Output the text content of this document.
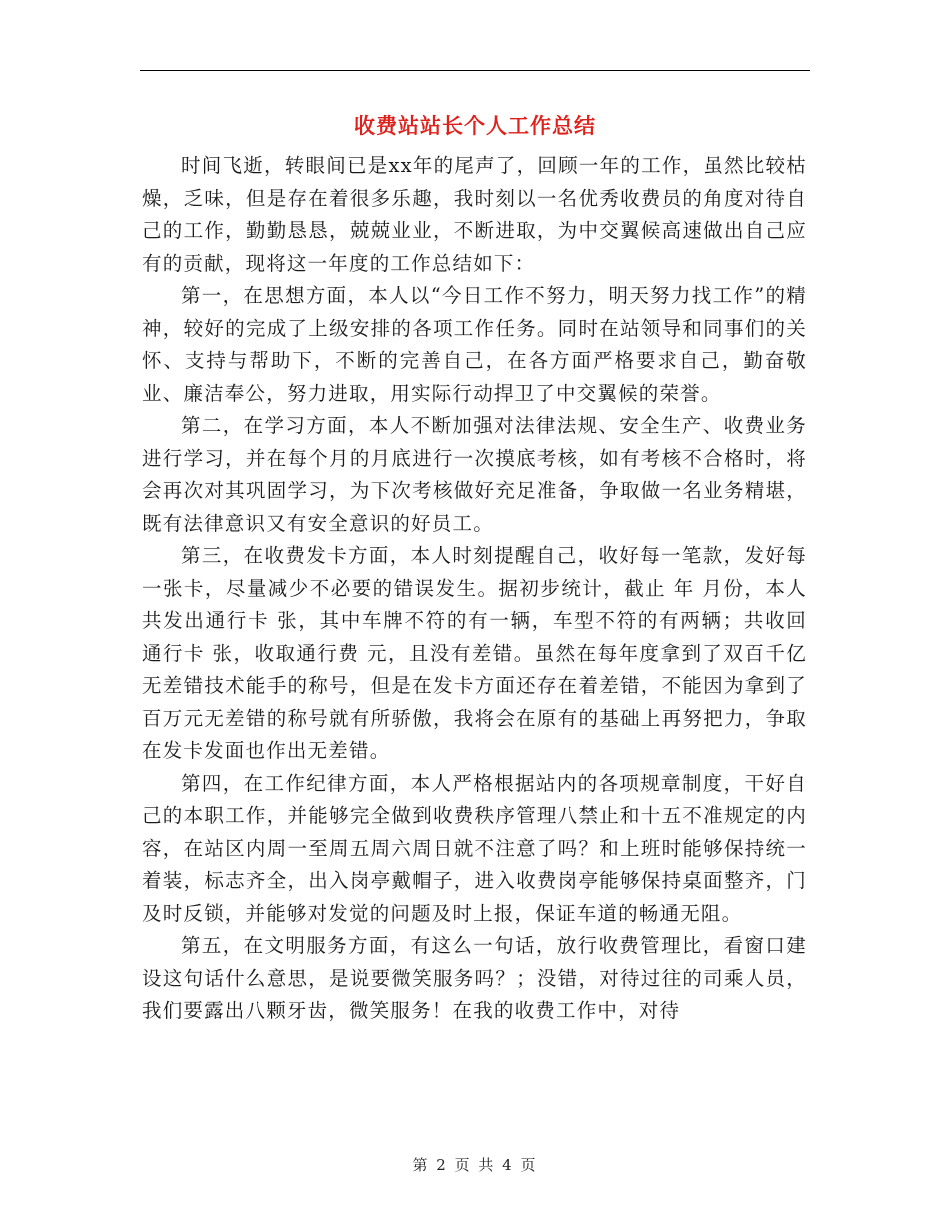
收费站站长个人工作总结

时间飞逝，转眼间已是xx年的尾声了，回顾一年的工作，虽然比较枯燥，乏味，但是存在着很多乐趣，我时刻以一名优秀收费员的角度对待自己的工作，勤勤恳恳，兢兢业业，不断进取，为中交翼候高速做出自己应有的贡献，现将这一年度的工作总结如下：

第一，在思想方面，本人以“今日工作不努力，明天努力找工作”的精神，较好的完成了上级安排的各项工作任务。同时在站领导和同事们的关怀、支持与帮助下，不断的完善自己，在各方面严格要求自己，勤奋敬业、廉洁奉公，努力进取，用实际行动捍卫了中交翼候的荣誉。

第二，在学习方面，本人不断加强对法律法规、安全生产、收费业务进行学习，并在每个月的月底进行一次摸底考核，如有考核不合格时，将会再次对其巩固学习，为下次考核做好充足准备，争取做一名业务精堪，既有法律意识又有安全意识的好员工。

第三，在收费发卡方面，本人时刻提醒自己，收好每一笔款，发好每一张卡，尽量减少不必要的错误发生。据初步统计，截止 年 月份，本人共发出通行卡 张，其中车牌不符的有一辆，车型不符的有两辆；共收回通行卡 张，收取通行费 元，且没有差错。虽然在每年度拿到了双百千亿无差错技术能手的称号，但是在发卡方面还存在着差错，不能因为拿到了百万元无差错的称号就有所骄傲，我将会在原有的基础上再努把力，争取在发卡发面也作出无差错。

第四，在工作纪律方面，本人严格根据站内的各项规章制度，干好自己的本职工作，并能够完全做到收费秩序管理八禁止和十五不准规定的内容，在站区内周一至周五周六周日就不注意了吗？和上班时能够保持统一着装，标志齐全，出入岗亭戴帽子，进入收费岗亭能够保持桌面整齐，门及时反锁，并能够对发觉的问题及时上报，保证车道的畅通无阻。

第五，在文明服务方面，有这么一句话，放行收费管理比，看窗口建设这句话什么意思，是说要微笑服务吗？；没错，对待过往的司乘人员，我们要露出八颗牙齿，微笑服务！在我的收费工作中，对待

第 2 页 共 4 页
